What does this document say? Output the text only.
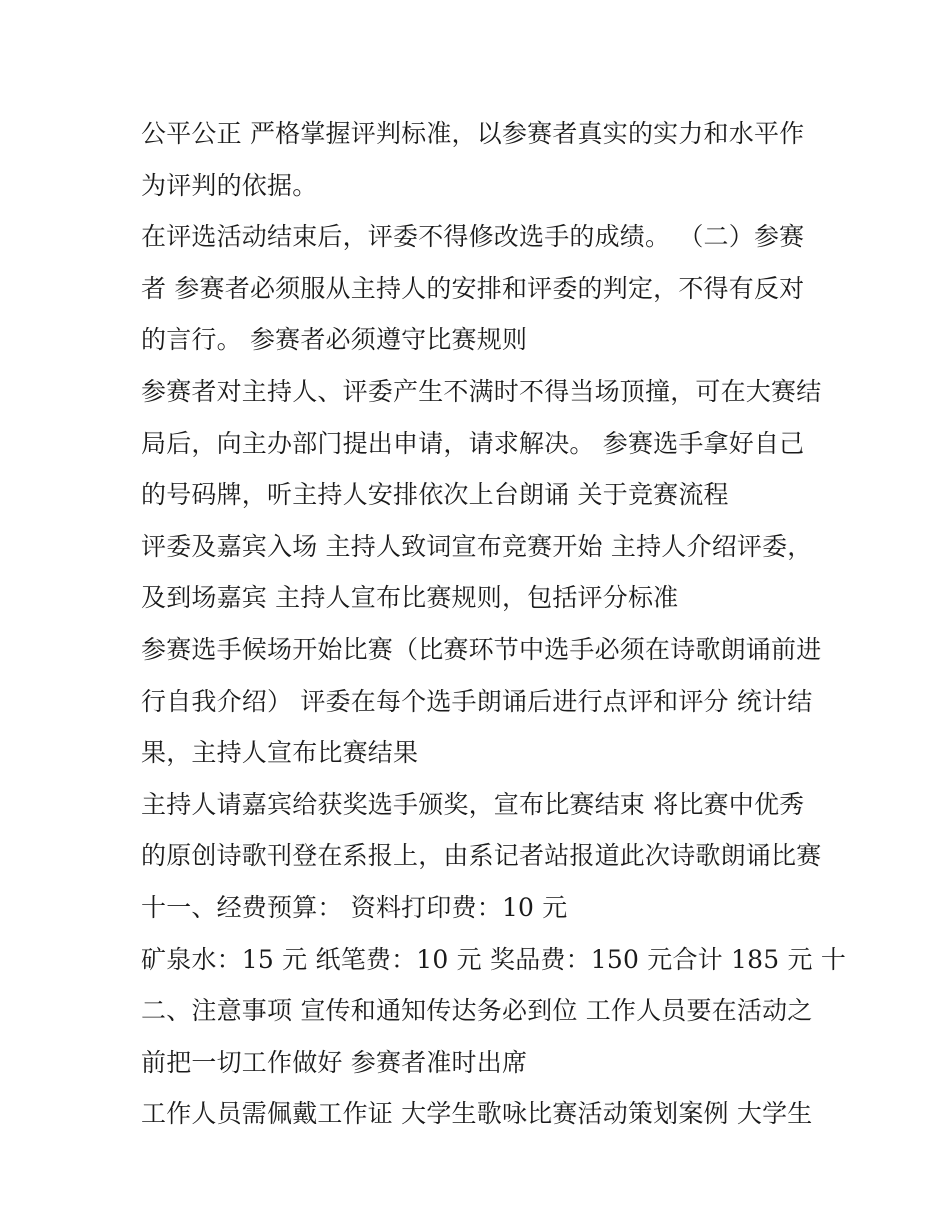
公平公正 严格掌握评判标准，以参赛者真实的实力和水平作
为评判的依据。
在评选活动结束后，评委不得修改选手的成绩。 （二）参赛
者 参赛者必须服从主持人的安排和评委的判定，不得有反对
的言行。 参赛者必须遵守比赛规则
参赛者对主持人、评委产生不满时不得当场顶撞，可在大赛结
局后，向主办部门提出申请，请求解决。 参赛选手拿好自己
的号码牌，听主持人安排依次上台朗诵 关于竞赛流程
评委及嘉宾入场 主持人致词宣布竞赛开始 主持人介绍评委，
及到场嘉宾 主持人宣布比赛规则，包括评分标准
参赛选手候场开始比赛（比赛环节中选手必须在诗歌朗诵前进
行自我介绍） 评委在每个选手朗诵后进行点评和评分 统计结
果，主持人宣布比赛结果
主持人请嘉宾给获奖选手颁奖，宣布比赛结束 将比赛中优秀
的原创诗歌刊登在系报上，由系记者站报道此次诗歌朗诵比赛
十一、经费预算： 资料打印费：10 元
矿泉水：15 元 纸笔费：10 元 奖品费：150 元合计 185 元 十
二、注意事项 宣传和通知传达务必到位 工作人员要在活动之
前把一切工作做好 参赛者准时出席
工作人员需佩戴工作证 大学生歌咏比赛活动策划案例 大学生
